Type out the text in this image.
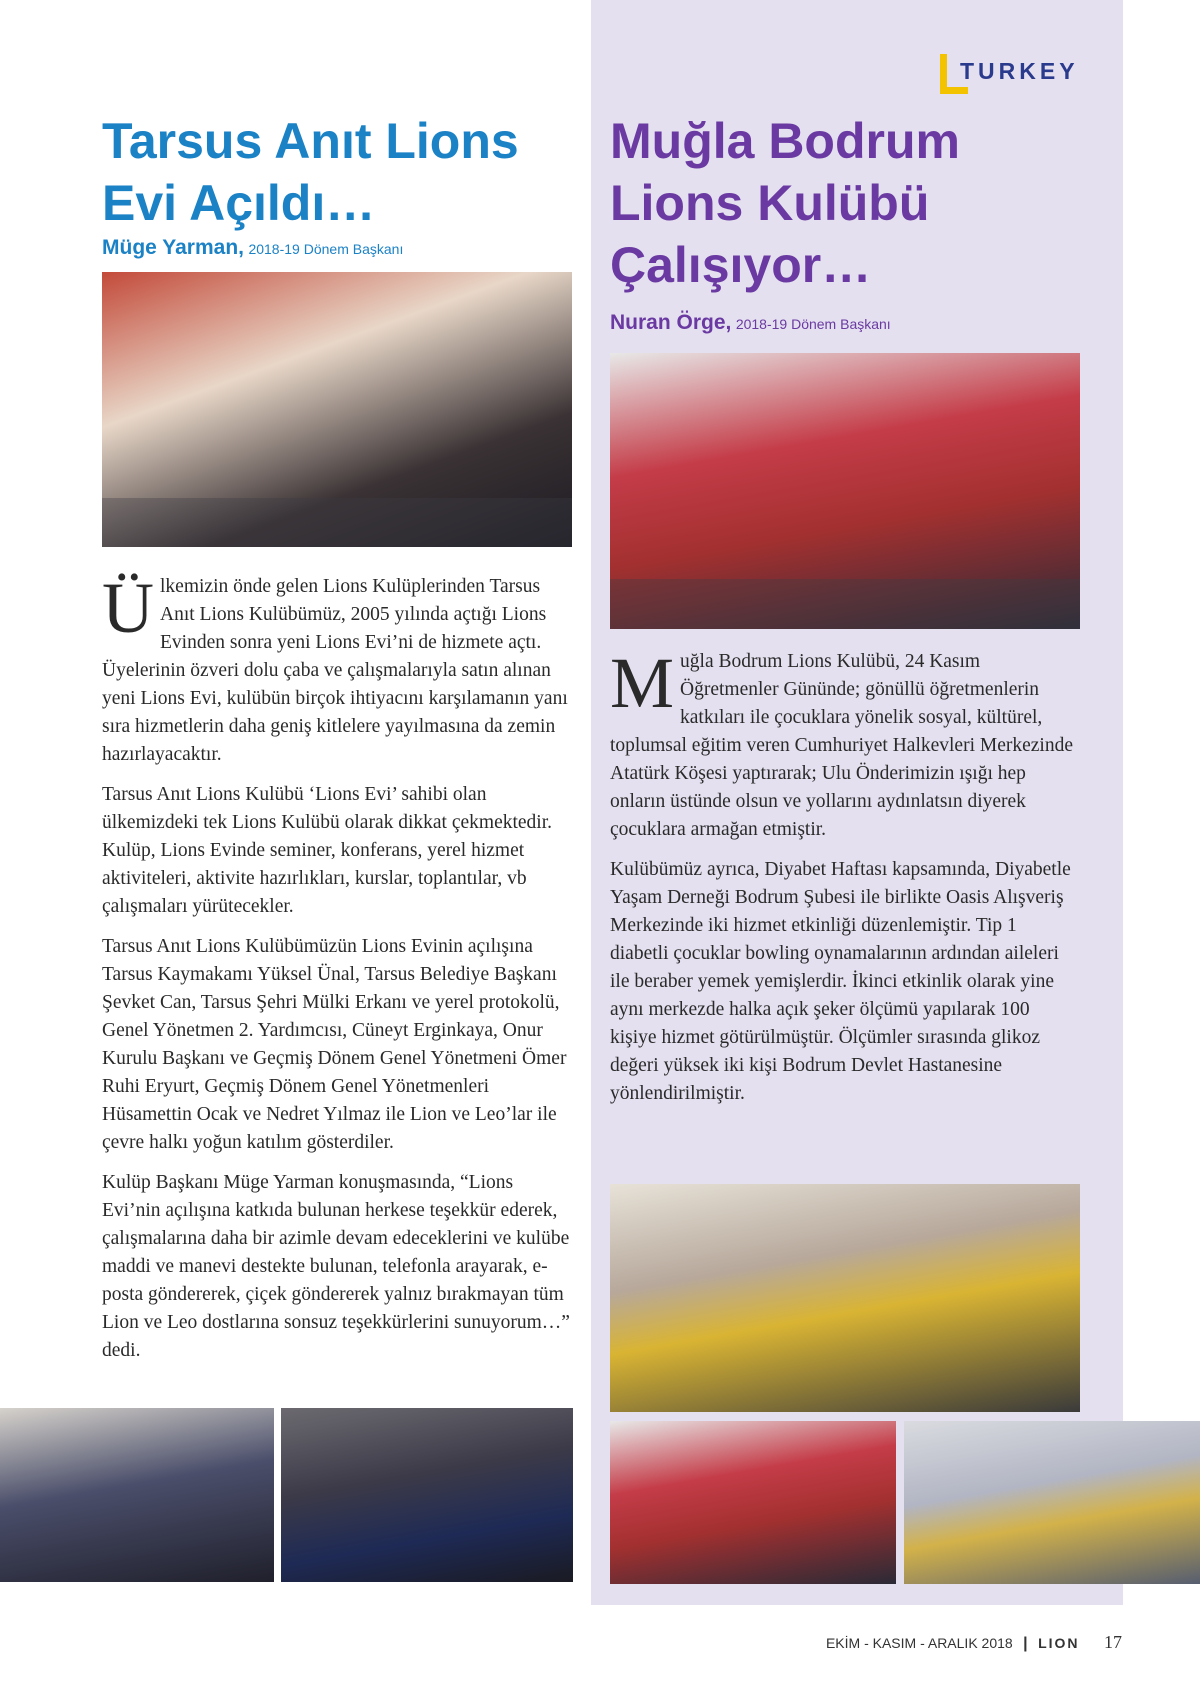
TURKEY
Tarsus Anıt Lions
Evi Açıldı…
Müge Yarman, 2018-19 Dönem Başkanı
Muğla Bodrum
Lions Kulübü
Çalışıyor…
Nuran Örge, 2018-19 Dönem Başkanı

Ülkemizin önde gelen Lions Kulüplerinden Tarsus Anıt Lions Kulübümüz, 2005 yılında açtığı Lions Evinden sonra yeni Lions Evi’ni de hizmete açtı. Üyelerinin özveri dolu çaba ve çalışmalarıyla satın alınan yeni Lions Evi, kulübün birçok ihtiyacını karşılamanın yanı sıra hizmetlerin daha geniş kitlelere yayılmasına da zemin hazırlayacaktır.

Tarsus Anıt Lions Kulübü ‘Lions Evi’ sahibi olan ülkemizdeki tek Lions Kulübü olarak dikkat çekmektedir. Kulüp, Lions Evinde seminer, konferans, yerel hizmet aktiviteleri, aktivite hazırlıkları, kurslar, toplantılar, vb çalışmaları yürütecekler.

Tarsus Anıt Lions Kulübümüzün Lions Evinin açılışına Tarsus Kaymakamı Yüksel Ünal, Tarsus Belediye Başkanı Şevket Can, Tarsus Şehri Mülki Erkanı ve yerel protokolü, Genel Yönetmen 2. Yardımcısı, Cüneyt Erginkaya, Onur Kurulu Başkanı ve Geçmiş Dönem Genel Yönetmeni Ömer Ruhi Eryurt, Geçmiş Dönem Genel Yönetmenleri Hüsamettin Ocak ve Nedret Yılmaz ile Lion ve Leo’lar ile çevre halkı yoğun katılım gösterdiler.

Kulüp Başkanı Müge Yarman konuşmasında, “Lions Evi’nin açılışına katkıda bulunan herkese teşekkür ederek, çalışmalarına daha bir azimle devam edeceklerini ve kulübe maddi ve manevi destekte bulunan, telefonla arayarak, e-posta göndererek, çiçek göndererek yalnız bırakmayan tüm Lion ve Leo dostlarına sonsuz teşekkürlerini sunuyorum…” dedi.

Muğla Bodrum Lions Kulübü, 24 Kasım Öğretmenler Gününde; gönüllü öğretmenlerin katkıları ile çocuklara yönelik sosyal, kültürel, toplumsal eğitim veren Cumhuriyet Halkevleri Merkezinde Atatürk Köşesi yaptırarak; Ulu Önderimizin ışığı hep onların üstünde olsun ve yollarını aydınlatsın diyerek çocuklara armağan etmiştir.

Kulübümüz ayrıca, Diyabet Haftası kapsamında, Diyabetle Yaşam Derneği Bodrum Şubesi ile birlikte Oasis Alışveriş Merkezinde iki hizmet etkinliği düzenlemiştir. Tip 1 diabetli çocuklar bowling oynamalarının ardından aileleri ile beraber yemek yemişlerdir. İkinci etkinlik olarak yine aynı merkezde halka açık şeker ölçümü yapılarak 100 kişiye hizmet götürülmüştür. Ölçümler sırasında glikoz değeri yüksek iki kişi Bodrum Devlet Hastanesine yönlendirilmiştir.

EKİM - KASIM - ARALIK 2018 | LION 17
